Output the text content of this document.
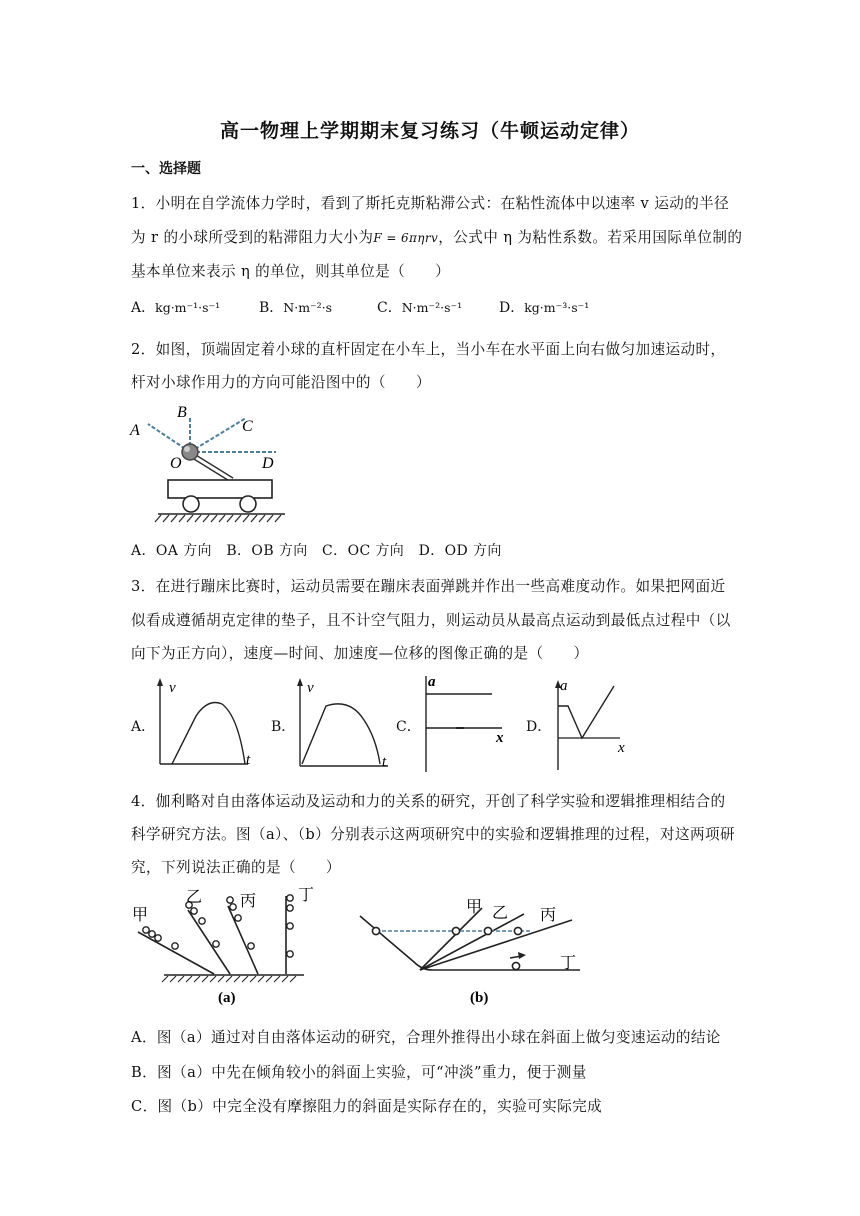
高一物理上学期期末复习练习（牛顿运动定律）
一、选择题
1．小明在自学流体力学时，看到了斯托克斯粘滞公式：在粘性流体中以速率 v 运动的半径
为 r 的小球所受到的粘滞阻力大小为F = 6πηrv，公式中 η 为粘性系数。若采用国际单位制的
基本单位来表示 η 的单位，则其单位是（　　）
A．kg·m⁻¹·s⁻¹	B．N·m⁻²·s	C．N·m⁻²·s⁻¹	D．kg·m⁻³·s⁻¹
2．如图，顶端固定着小球的直杆固定在小车上，当小车在水平面上向右做匀加速运动时，
杆对小球作用力的方向可能沿图中的（　　）
A
B
C
D
O
A．OA 方向　B．OB 方向　C．OC 方向　D．OD 方向
3．在进行蹦床比赛时，运动员需要在蹦床表面弹跳并作出一些高难度动作。如果把网面近
似看成遵循胡克定律的垫子，且不计空气阻力，则运动员从最高点运动到最低点过程中（以
向下为正方向），速度—时间、加速度—位移的图像正确的是（　　）
A．
v
t
B．
v
t
C．
a
x
D．
a
x
4．伽利略对自由落体运动及运动和力的关系的研究，开创了科学实验和逻辑推理相结合的
科学研究方法。图（a）、（b）分别表示这两项研究中的实验和逻辑推理的过程，对这两项研
究，下列说法正确的是（　　）
甲
乙 丙	丁
(a)
甲 乙 丙
丁
(b)
A．图（a）通过对自由落体运动的研究，合理外推得出小球在斜面上做匀变速运动的结论
B．图（a）中先在倾角较小的斜面上实验，可“冲淡”重力，便于测量
C．图（b）中完全没有摩擦阻力的斜面是实际存在的，实验可实际完成
